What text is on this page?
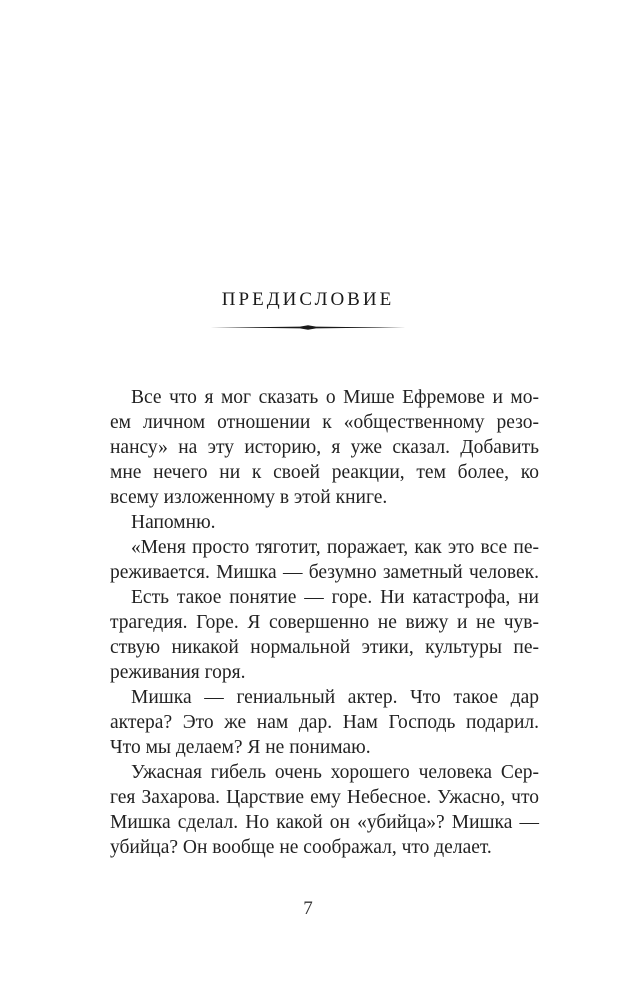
ПРЕДИСЛОВИЕ
Все что я мог сказать о Мише Ефремове и мо-
ем личном отношении к «общественному резо-
нансу» на эту историю, я уже сказал. Добавить
мне нечего ни к своей реакции, тем более, ко
всему изложенному в этой книге.
Напомню.
«Меня просто тяготит, поражает, как это все пе-
реживается. Мишка — безумно заметный человек.
Есть такое понятие — горе. Ни катастрофа, ни
трагедия. Горе. Я совершенно не вижу и не чув-
ствую никакой нормальной этики, культуры пе-
реживания горя.
Мишка — гениальный актер. Что такое дар
актера? Это же нам дар. Нам Господь подарил.
Что мы делаем? Я не понимаю.
Ужасная гибель очень хорошего человека Сер-
гея Захарова. Царствие ему Небесное. Ужасно, что
Мишка сделал. Но какой он «убийца»? Мишка —
убийца? Он вообще не соображал, что делает.
7
